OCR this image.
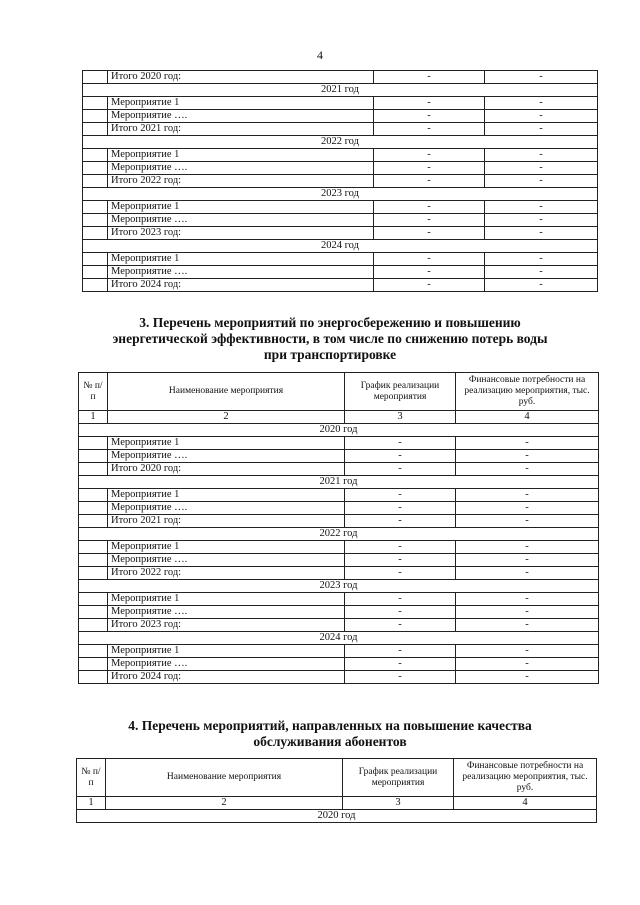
4
	Итого 2020 год:	-	-
2021 год			
	Мероприятие 1	-	-
	Мероприятие ….	-	-
	Итого 2021 год:	-	-
2022 год			
	Мероприятие 1	-	-
	Мероприятие ….	-	-
	Итого 2022 год:	-	-
2023 год			
	Мероприятие 1	-	-
	Мероприятие ….	-	-
	Итого 2023 год:	-	-
2024 год			
	Мероприятие 1	-	-
	Мероприятие ….	-	-
	Итого 2024 год:	-	-
3. Перечень мероприятий по энергосбережению и повышению
энергетической эффективности, в том числе по снижению потерь воды
при транспортировке
№ п/п	Наименование мероприятия	График реализации мероприятия	Финансовые потребности на реализацию мероприятия, тыс. руб.
1	2	3	4
2020 год			
	Мероприятие 1	-	-
	Мероприятие ….	-	-
	Итого 2020 год:	-	-
2021 год			
	Мероприятие 1	-	-
	Мероприятие ….	-	-
	Итого 2021 год:	-	-
2022 год			
	Мероприятие 1	-	-
	Мероприятие ….	-	-
	Итого 2022 год:	-	-
2023 год			
	Мероприятие 1	-	-
	Мероприятие ….	-	-
	Итого 2023 год:	-	-
2024 год			
	Мероприятие 1	-	-
	Мероприятие ….	-	-
	Итого 2024 год:	-	-
4. Перечень мероприятий, направленных на повышение качества
обслуживания абонентов
№ п/п	Наименование мероприятия	График реализации мероприятия	Финансовые потребности на реализацию мероприятия, тыс. руб.
1	2	3	4
2020 год			
